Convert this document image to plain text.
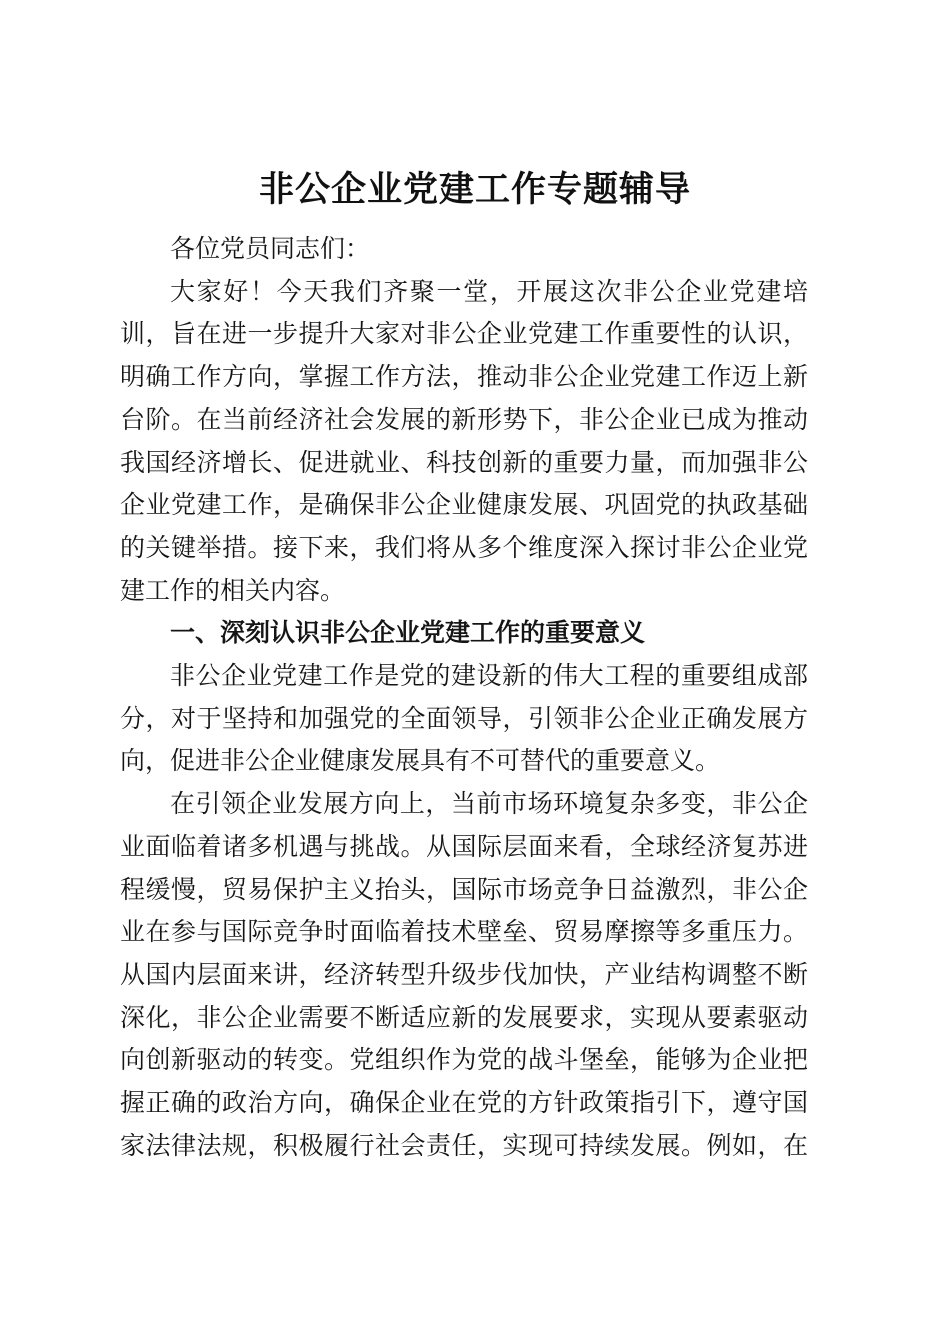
非公企业党建工作专题辅导
各位党员同志们：
大家好！今天我们齐聚一堂，开展这次非公企业党建培
训，旨在进一步提升大家对非公企业党建工作重要性的认识，
明确工作方向，掌握工作方法，推动非公企业党建工作迈上新
台阶。在当前经济社会发展的新形势下，非公企业已成为推动
我国经济增长、促进就业、科技创新的重要力量，而加强非公
企业党建工作，是确保非公企业健康发展、巩固党的执政基础
的关键举措。接下来，我们将从多个维度深入探讨非公企业党
建工作的相关内容。
一、深刻认识非公企业党建工作的重要意义
非公企业党建工作是党的建设新的伟大工程的重要组成部
分，对于坚持和加强党的全面领导，引领非公企业正确发展方
向，促进非公企业健康发展具有不可替代的重要意义。
在引领企业发展方向上，当前市场环境复杂多变，非公企
业面临着诸多机遇与挑战。从国际层面来看，全球经济复苏进
程缓慢，贸易保护主义抬头，国际市场竞争日益激烈，非公企
业在参与国际竞争时面临着技术壁垒、贸易摩擦等多重压力。
从国内层面来讲，经济转型升级步伐加快，产业结构调整不断
深化，非公企业需要不断适应新的发展要求，实现从要素驱动
向创新驱动的转变。党组织作为党的战斗堡垒，能够为企业把
握正确的政治方向，确保企业在党的方针政策指引下，遵守国
家法律法规，积极履行社会责任，实现可持续发展。例如，在
